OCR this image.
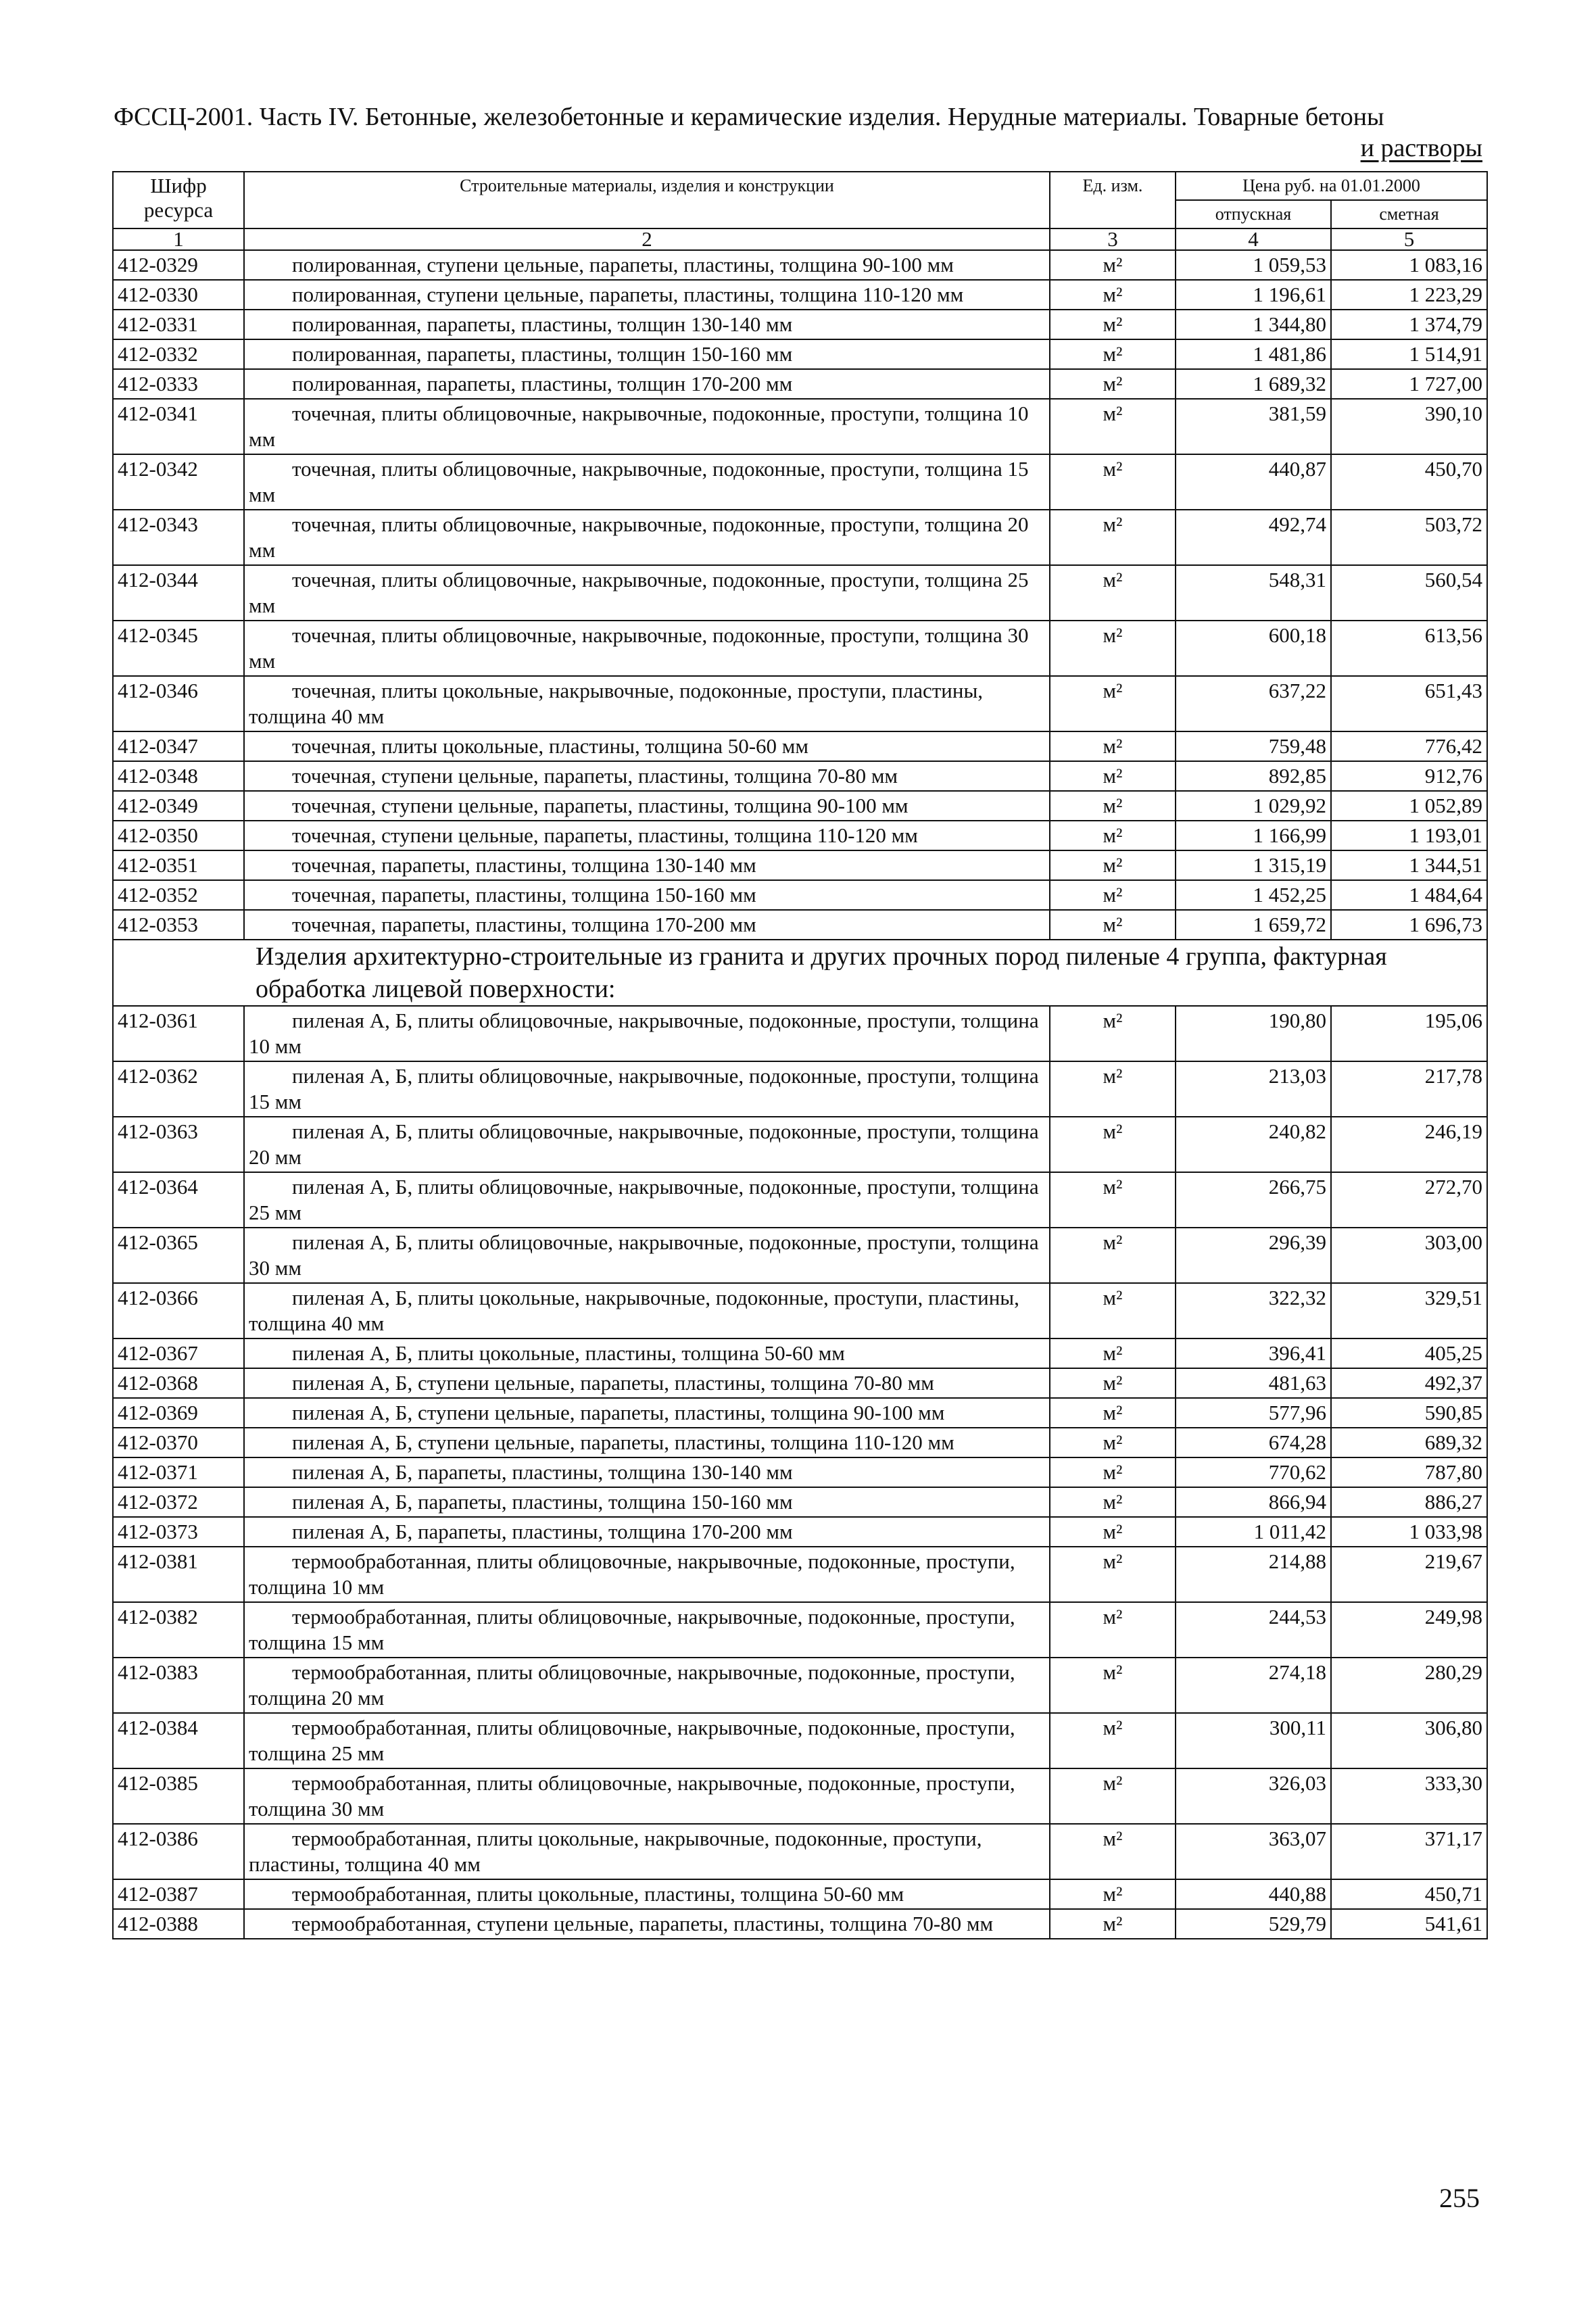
ФССЦ-2001. Часть IV. Бетонные, железобетонные и керамические изделия. Нерудные материалы. Товарные бетоны
и растворы
Шифр ресурса	Строительные материалы, изделия и конструкции	Ед. изм.	Цена руб. на 01.01.2000	
			отпускная	сметная
1	2	3	4	5
412-0329	полированная, ступени цельные, парапеты, пластины, толщина 90-100 мм	м²	1 059,53	1 083,16
412-0330	полированная, ступени цельные, парапеты, пластины, толщина 110-120 мм	м²	1 196,61	1 223,29
412-0331	полированная, парапеты, пластины, толщин 130-140 мм	м²	1 344,80	1 374,79
412-0332	полированная, парапеты, пластины, толщин 150-160 мм	м²	1 481,86	1 514,91
412-0333	полированная, парапеты, пластины, толщин 170-200 мм	м²	1 689,32	1 727,00
412-0341	точечная, плиты облицовочные, накрывочные, подоконные, проступи, толщина 10 мм	м²	381,59	390,10
412-0342	точечная, плиты облицовочные, накрывочные, подоконные, проступи, толщина 15 мм	м²	440,87	450,70
412-0343	точечная, плиты облицовочные, накрывочные, подоконные, проступи, толщина 20 мм	м²	492,74	503,72
412-0344	точечная, плиты облицовочные, накрывочные, подоконные, проступи, толщина 25 мм	м²	548,31	560,54
412-0345	точечная, плиты облицовочные, накрывочные, подоконные, проступи, толщина 30 мм	м²	600,18	613,56
412-0346	точечная, плиты цокольные, накрывочные, подоконные, проступи, пластины, толщина 40 мм	м²	637,22	651,43
412-0347	точечная, плиты цокольные, пластины, толщина 50-60 мм	м²	759,48	776,42
412-0348	точечная, ступени цельные, парапеты, пластины, толщина 70-80 мм	м²	892,85	912,76
412-0349	точечная, ступени цельные, парапеты, пластины, толщина 90-100 мм	м²	1 029,92	1 052,89
412-0350	точечная, ступени цельные, парапеты, пластины, толщина 110-120 мм	м²	1 166,99	1 193,01
412-0351	точечная, парапеты, пластины, толщина 130-140 мм	м²	1 315,19	1 344,51
412-0352	точечная, парапеты, пластины, толщина 150-160 мм	м²	1 452,25	1 484,64
412-0353	точечная, парапеты, пластины, толщина 170-200 мм	м²	1 659,72	1 696,73
Изделия архитектурно-строительные из гранита и других прочных пород пиленые 4 группа, фактурная обработка лицевой поверхности:				
412-0361	пиленая А, Б, плиты облицовочные, накрывочные, подоконные, проступи, толщина 10 мм	м²	190,80	195,06
412-0362	пиленая А, Б, плиты облицовочные, накрывочные, подоконные, проступи, толщина 15 мм	м²	213,03	217,78
412-0363	пиленая А, Б, плиты облицовочные, накрывочные, подоконные, проступи, толщина 20 мм	м²	240,82	246,19
412-0364	пиленая А, Б, плиты облицовочные, накрывочные, подоконные, проступи, толщина 25 мм	м²	266,75	272,70
412-0365	пиленая А, Б, плиты облицовочные, накрывочные, подоконные, проступи, толщина 30 мм	м²	296,39	303,00
412-0366	пиленая А, Б, плиты цокольные, накрывочные, подоконные, проступи, пластины, толщина 40 мм	м²	322,32	329,51
412-0367	пиленая А, Б, плиты цокольные, пластины, толщина 50-60 мм	м²	396,41	405,25
412-0368	пиленая А, Б, ступени цельные, парапеты, пластины, толщина 70-80 мм	м²	481,63	492,37
412-0369	пиленая А, Б, ступени цельные, парапеты, пластины, толщина 90-100 мм	м²	577,96	590,85
412-0370	пиленая А, Б, ступени цельные, парапеты, пластины, толщина 110-120 мм	м²	674,28	689,32
412-0371	пиленая А, Б, парапеты, пластины, толщина 130-140 мм	м²	770,62	787,80
412-0372	пиленая А, Б, парапеты, пластины, толщина 150-160 мм	м²	866,94	886,27
412-0373	пиленая А, Б, парапеты, пластины, толщина 170-200 мм	м²	1 011,42	1 033,98
412-0381	термообработанная, плиты облицовочные, накрывочные, подоконные, проступи, толщина 10 мм	м²	214,88	219,67
412-0382	термообработанная, плиты облицовочные, накрывочные, подоконные, проступи, толщина 15 мм	м²	244,53	249,98
412-0383	термообработанная, плиты облицовочные, накрывочные, подоконные, проступи, толщина 20 мм	м²	274,18	280,29
412-0384	термообработанная, плиты облицовочные, накрывочные, подоконные, проступи, толщина 25 мм	м²	300,11	306,80
412-0385	термообработанная, плиты облицовочные, накрывочные, подоконные, проступи, толщина 30 мм	м²	326,03	333,30
412-0386	термообработанная, плиты цокольные, накрывочные, подоконные, проступи, пластины, толщина 40 мм	м²	363,07	371,17
412-0387	термообработанная, плиты цокольные, пластины, толщина 50-60 мм	м²	440,88	450,71
412-0388	термообработанная, ступени цельные, парапеты, пластины, толщина 70-80 мм	м²	529,79	541,61
255
